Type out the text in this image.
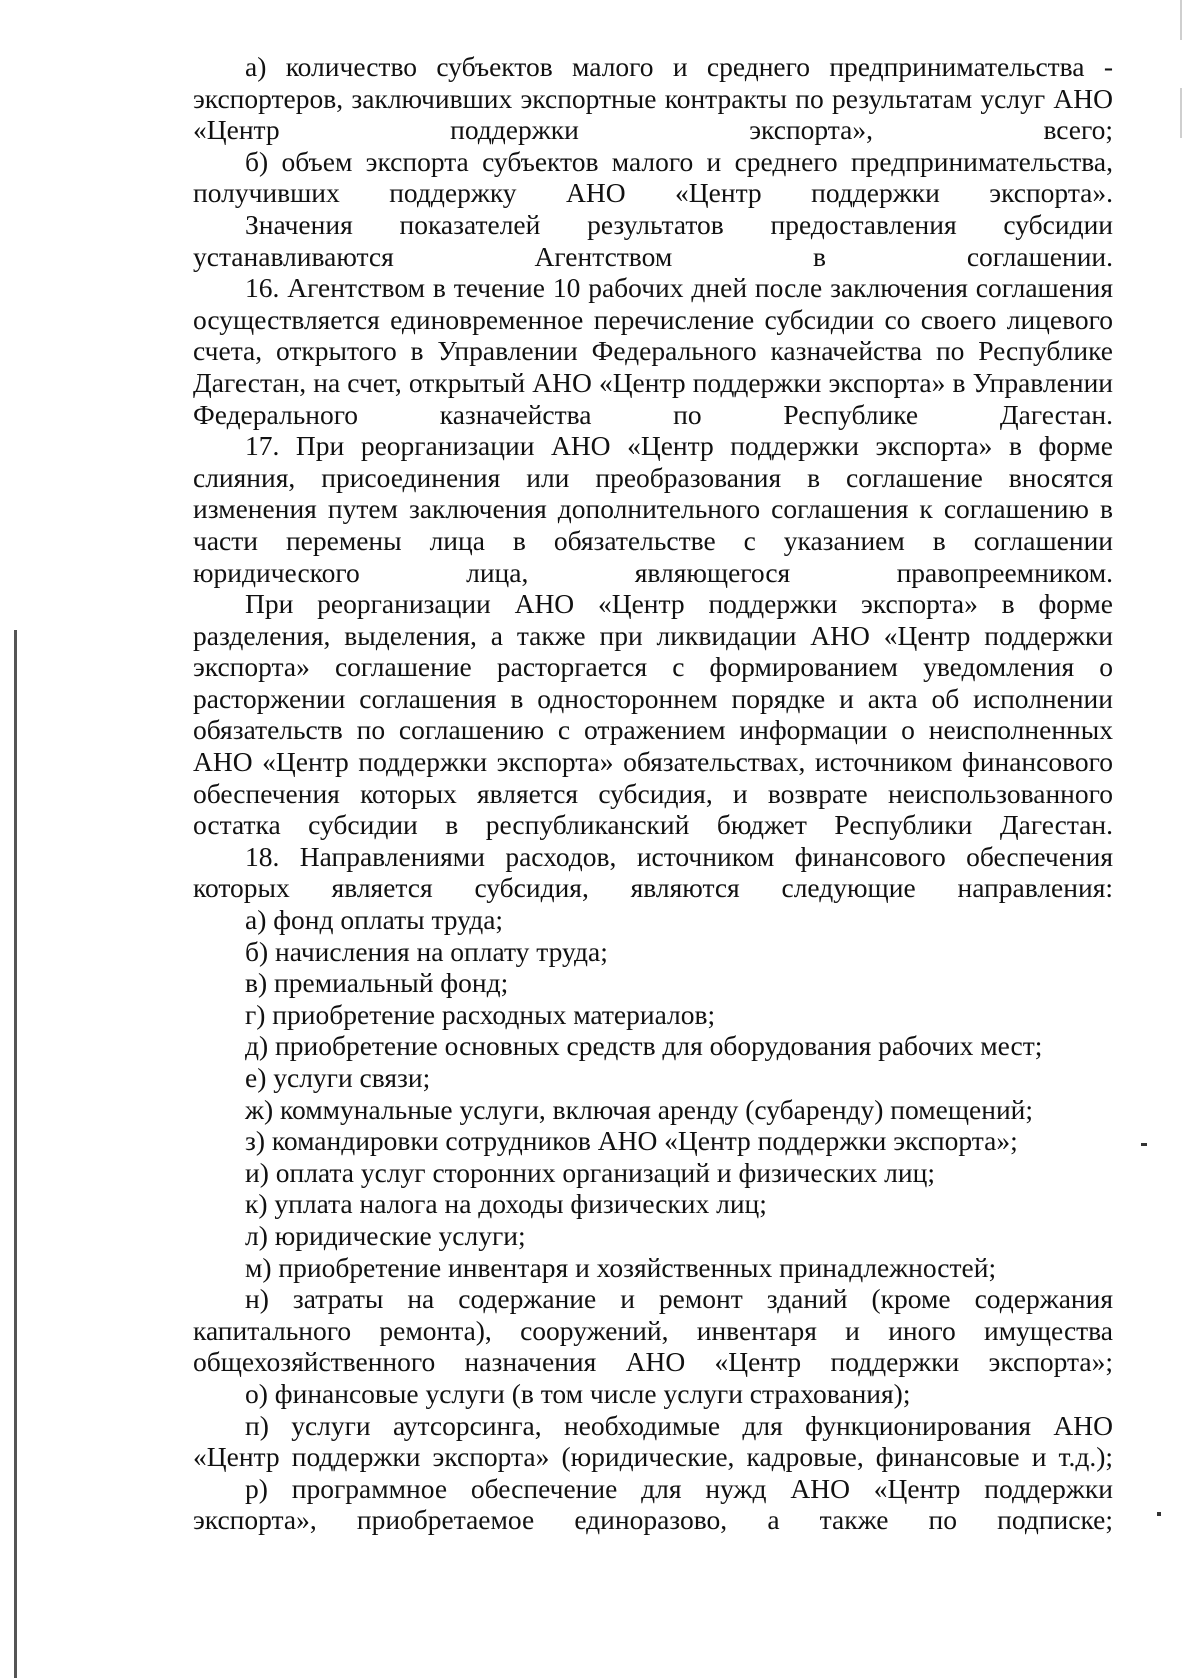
а) количество субъектов малого и среднего предпринимательства - экспортеров, заключивших экспортные контракты по результатам услуг АНО «Центр поддержки экспорта», всего;

б) объем экспорта субъектов малого и среднего предпринимательства, получивших поддержку АНО «Центр поддержки экспорта».

Значения показателей результатов предоставления субсидии устанавливаются Агентством в соглашении.

16. Агентством в течение 10 рабочих дней после заключения соглашения осуществляется единовременное перечисление субсидии со своего лицевого счета, открытого в Управлении Федерального казначейства по Республике Дагестан, на счет, открытый АНО «Центр поддержки экспорта» в Управлении Федерального казначейства по Республике Дагестан.

17. При реорганизации АНО «Центр поддержки экспорта» в форме слияния, присоединения или преобразования в соглашение вносятся изменения путем заключения дополнительного соглашения к соглашению в части перемены лица в обязательстве с указанием в соглашении юридического лица, являющегося правопреемником.

При реорганизации АНО «Центр поддержки экспорта» в форме разделения, выделения, а также при ликвидации АНО «Центр поддержки экспорта» соглашение расторгается с формированием уведомления о расторжении соглашения в одностороннем порядке и акта об исполнении обязательств по соглашению с отражением информации о неисполненных АНО «Центр поддержки экспорта» обязательствах, источником финансового обеспечения которых является субсидия, и возврате неиспользованного остатка субсидии в республиканский бюджет Республики Дагестан.

18. Направлениями расходов, источником финансового обеспечения которых является субсидия, являются следующие направления:

а) фонд оплаты труда;

б) начисления на оплату труда;

в) премиальный фонд;

г) приобретение расходных материалов;

д) приобретение основных средств для оборудования рабочих мест;

е) услуги связи;

ж) коммунальные услуги, включая аренду (субаренду) помещений;

з) командировки сотрудников АНО «Центр поддержки экспорта»;

и) оплата услуг сторонних организаций и физических лиц;

к) уплата налога на доходы физических лиц;

л) юридические услуги;

м) приобретение инвентаря и хозяйственных принадлежностей;

н) затраты на содержание и ремонт зданий (кроме содержания капитального ремонта), сооружений, инвентаря и иного имущества общехозяйственного назначения АНО «Центр поддержки экспорта»;

о) финансовые услуги (в том числе услуги страхования);

п) услуги аутсорсинга, необходимые для функционирования АНО «Центр поддержки экспорта» (юридические, кадровые, финансовые и т.д.);

р) программное обеспечение для нужд АНО «Центр поддержки экспорта», приобретаемое единоразово, а также по подписке;
